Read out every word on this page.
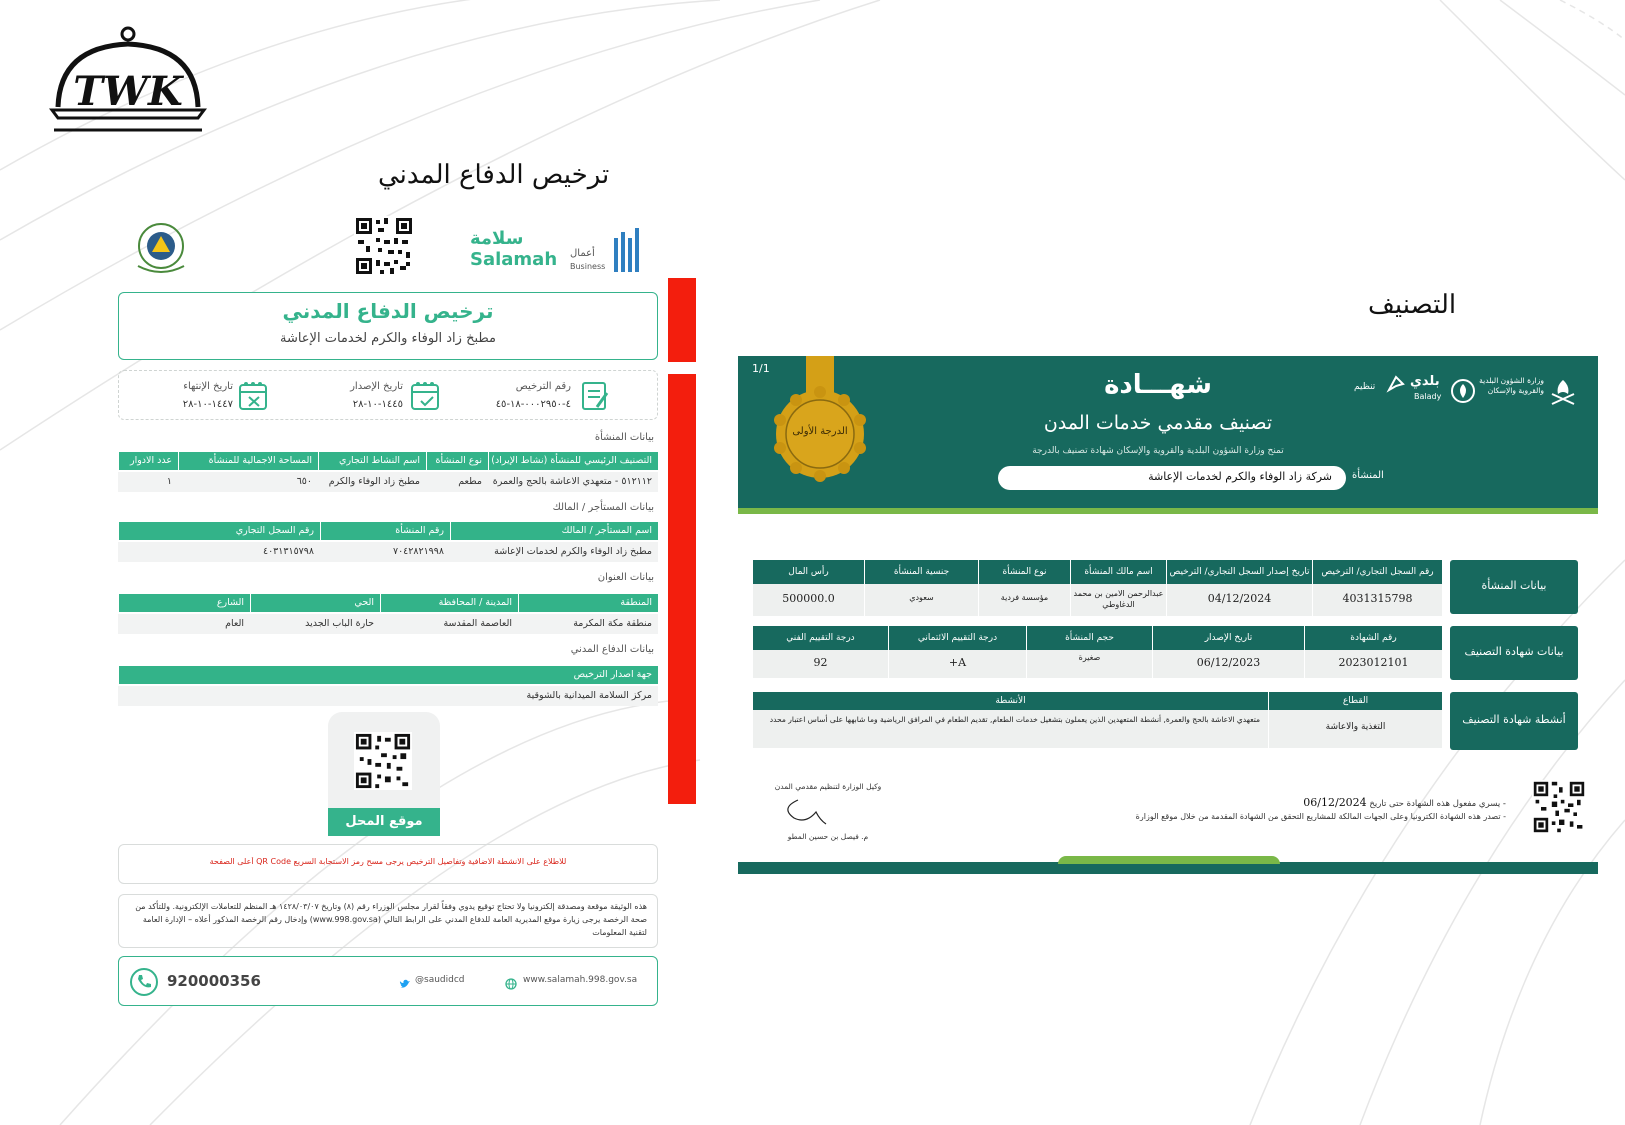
TWK
ترخيص الدفاع المدني
التصنيف
سلامة
Salamah أعمال
Business
ترخيص الدفاع المدني
مطبخ زاد الوفاء والكرم لخدمات الإعاشة
رقم الترخيص
٤-٠٠٠٢٩٥٠-١٨-٤٥
تاريخ الإصدار
١٤٤٥-١٠-٢٨
تاريخ الإنتهاء
١٤٤٧-١٠-٢٨
بيانات المنشأة
التصنيف الرئيسي للمنشأة (نشاط الإيراد)
نوع المنشأة
اسم النشاط التجاري
المساحة الاجمالية للمنشأة
عدد الادوار
٥١٢١١٢ - متعهدي الاعاشة بالحج والعمرة
مطعم
مطبخ زاد الوفاء والكرم
٦٥٠
١
بيانات المستأجر / المالك
اسم المستأجر / المالك
رقم المنشأة
رقم السجل التجاري
مطبخ زاد الوفاء والكرم لخدمات الإعاشة
٧٠٤٢٨٢١٩٩٨
٤٠٣١٣١٥٧٩٨
بيانات العنوان
المنطقة
المدينة / المحافظة
الحي
الشارع
منطقة مكة المكرمة
العاصمة المقدسة
حارة الباب الجديد
العام
بيانات الدفاع المدني
جهة اصدار الترخيص
مركز السلامة الميدانية بالشوقية
موقع المحل
للاطلاع على الانشطة الاضافية وتفاصيل الترخيص يرجى مسح رمز الاستجابة السريع QR Code أعلى الصفحة
هذه الوثيقة موقعة ومصدقة إلكترونيا ولا تحتاج توقيع يدوي وفقاً لقرار مجلس الوزراء رقم (٨) وتاريخ ١٤٢٨/٠٣/٠٧ هـ المنظم للتعاملات الإلكترونية. وللتأكد من صحة الرخصة يرجى زيارة موقع المديرية العامة للدفاع المدني على الرابط التالي (www.998.gov.sa) وإدخال رقم الرخصة المذكور أعلاه – الإدارة العامة لتقنية المعلومات
920000356	@saudidcd	www.salamah.998.gov.sa
1/1
الدرجة الأولى
شهـــادة
تصنيف مقدمي خدمات المدن
تمنح وزارة الشؤون البلدية والقروية والإسكان شهادة تصنيف بالدرجة
شركة زاد الوفاء والكرم لخدمات الإعاشة المنشأة
وزارة الشؤون البلدية والقروية والإسكان
بلدي
Balady
تنظيم
بيانات المنشأة
بيانات شهادة التصنيف
أنشطة شهادة التصنيف
رقم السجل التجاري/ الترخيص
تاريخ إصدار السجل التجاري/ الترخيص
اسم مالك المنشأة
نوع المنشأة
جنسية المنشأة
رأس المال
4031315798
04/12/2024
عبدالرحمن الامين بن محمد الدغاوطي
مؤسسة فردية
سعودي
500000.0
رقم الشهادة
تاريخ الإصدار
حجم المنشأة
درجة التقييم الائتماني
درجة التقييم الفني
2023012101
06/12/2023
صغيرة
A+
92
القطاع
الأنشطة
التغذية والاعاشة
متعهدي الاعاشة بالحج والعمرة, أنشطة المتعهدين الذين يعملون بتشغيل خدمات الطعام, تقديم الطعام في المرافق الرياضية وما شابهها على أساس اعتبار محدد
وكيل الوزارة لتنظيم مقدمي المدن
م. فيصل بن حسين المطو
- يسري مفعول هذه الشهادة حتى تاريخ 06/12/2024
- تصدر هذه الشهادة الكترونيا وعلى الجهات المالكة للمشاريع التحقق من الشهادة المقدمة من خلال موقع الوزارة
